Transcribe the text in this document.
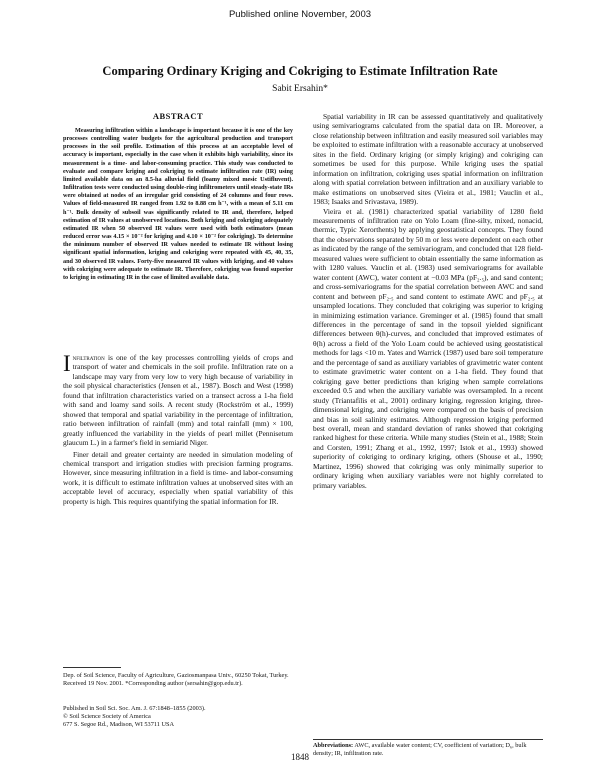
Published online November, 2003
Comparing Ordinary Kriging and Cokriging to Estimate Infiltration Rate
Sabit Ersahin*
ABSTRACT

Measuring infiltration within a landscape is important because it is one of the key processes controlling water budgets for the agricultural production and transport processes in the soil profile. Estimation of this process at an acceptable level of accuracy is important, especially in the case when it exhibits high variability, since its measurement is a time- and labor-consuming practice. This study was conducted to evaluate and compare kriging and cokriging to estimate infiltration rate (IR) using limited available data on an 8.5-ha alluvial field (loamy mixed mesic Ustifluvent). Infiltration tests were conducted using double-ring infiltrometers until steady-state IRs were obtained at nodes of an irregular grid consisting of 24 columns and four rows. Values of field-measured IR ranged from 1.92 to 8.88 cm h⁻¹, with a mean of 5.11 cm h⁻¹. Bulk density of subsoil was significantly related to IR and, therefore, helped estimation of IR values at unobserved locations. Both kriging and cokriging adequately estimated IR when 50 observed IR values were used with both estimators (mean reduced error was 4.15 × 10⁻² for kriging and 4.10 × 10⁻² for cokriging). To determine the minimum number of observed IR values needed to estimate IR without losing significant spatial information, kriging and cokriging were repeated with 45, 40, 35, and 30 observed IR values. Forty-five measured IR values with kriging, and 40 values with cokriging were adequate to estimate IR. Therefore, cokriging was found superior to kriging in estimating IR in the case of limited available data.

Infiltration is one of the key processes controlling yields of crops and transport of water and chemicals in the soil profile. Infiltration rate on a landscape may vary from very low to very high because of variability in the soil physical characteristics (Jensen et al., 1987). Bosch and West (1998) found that infiltration characteristics varied on a transect across a 1-ha field with sand and loamy sand soils. A recent study (Rockström et al., 1999) showed that temporal and spatial variability in the percentage of infiltration, ratio between infiltration of rainfall (mm) and total rainfall (mm) × 100, greatly influenced the variability in the yields of pearl millet (Pennisetum glaucum L.) in a farmer's field in semiarid Niger.

Finer detail and greater certainty are needed in simulation modeling of chemical transport and irrigation studies with precision farming programs. However, since measuring infiltration in a field is time- and labor-consuming work, it is difficult to estimate infiltration values at unobserved sites with an acceptable level of accuracy, especially when spatial variability of this property is high. This requires quantifying the spatial information for IR.

Dep. of Soil Science, Faculty of Agriculture, Gaziosmanpasa Univ., 60250 Tokat, Turkey. Received 19 Nov. 2001. *Corresponding author (sersahin@gop.edu.tr).

Published in Soil Sci. Soc. Am. J. 67:1848–1855 (2003).

© Soil Science Society of America

677 S. Segoe Rd., Madison, WI 53711 USA

Spatial variability in IR can be assessed quantitatively and qualitatively using semivariograms calculated from the spatial data on IR. Moreover, a close relationship between infiltration and easily measured soil variables may be exploited to estimate infiltration with a reasonable accuracy at unobserved sites in the field. Ordinary kriging (or simply kriging) and cokriging can sometimes be used for this purpose. While kriging uses the spatial information on infiltration, cokriging uses spatial information on infiltration along with spatial correlation between infiltration and an auxiliary variable to make estimations on unobserved sites (Vieira et al., 1981; Vauclin et al., 1983; Isaaks and Srivastava, 1989).

Vieira et al. (1981) characterized spatial variability of 1280 field measurements of infiltration rate on Yolo Loam (fine-silty, mixed, nonacid, thermic, Typic Xerorthents) by applying geostatistical concepts. They found that the observations separated by 50 m or less were dependent on each other as indicated by the range of the semivariogram, and concluded that 128 field-measured values were sufficient to obtain essentially the same information as with 1280 values. Vauclin et al. (1983) used semivariograms for available water content (AWC), water content at −0.03 MPa (pF₂.₅), and sand content; and cross-semivariograms for the spatial correlation between AWC and sand content and between pF₂.₅ and sand content to estimate AWC and pF₂.₅ at unsampled locations. They concluded that cokriging was superior to kriging in minimizing estimation variance. Greminger et al. (1985) found that small differences in the percentage of sand in the topsoil yielded significant differences between θ(h)-curves, and concluded that improved estimates of θ(h) across a field of the Yolo Loam could be achieved using geostatistical methods for lags <10 m. Yates and Warrick (1987) used bare soil temperature and the percentage of sand as auxiliary variables of gravimetric water content to estimate gravimetric water content on a 1-ha field. They found that cokriging gave better predictions than kriging when sample correlations exceeded 0.5 and when the auxiliary variable was oversampled. In a recent study (Triantafilis et al., 2001) ordinary kriging, regression kriging, three-dimensional kriging, and cokriging were compared on the basis of precision and bias in soil salinity estimates. Although regression kriging performed best overall, mean and standard deviation of ranks showed that cokriging ranked highest for these criteria. While many studies (Stein et al., 1988; Stein and Corsten, 1991; Zhang et al., 1992, 1997; Istok et al., 1993) showed superiority of cokriging to ordinary kriging, others (Shouse et al., 1990; Martinez, 1996) showed that cokriging was only minimally superior to ordinary kriging when auxiliary variables were not highly correlated to primary variables.

Abbreviations: AWC, available water content; CV, coefficient of variation; D₆, bulk density; IR, infiltration rate.
1848
